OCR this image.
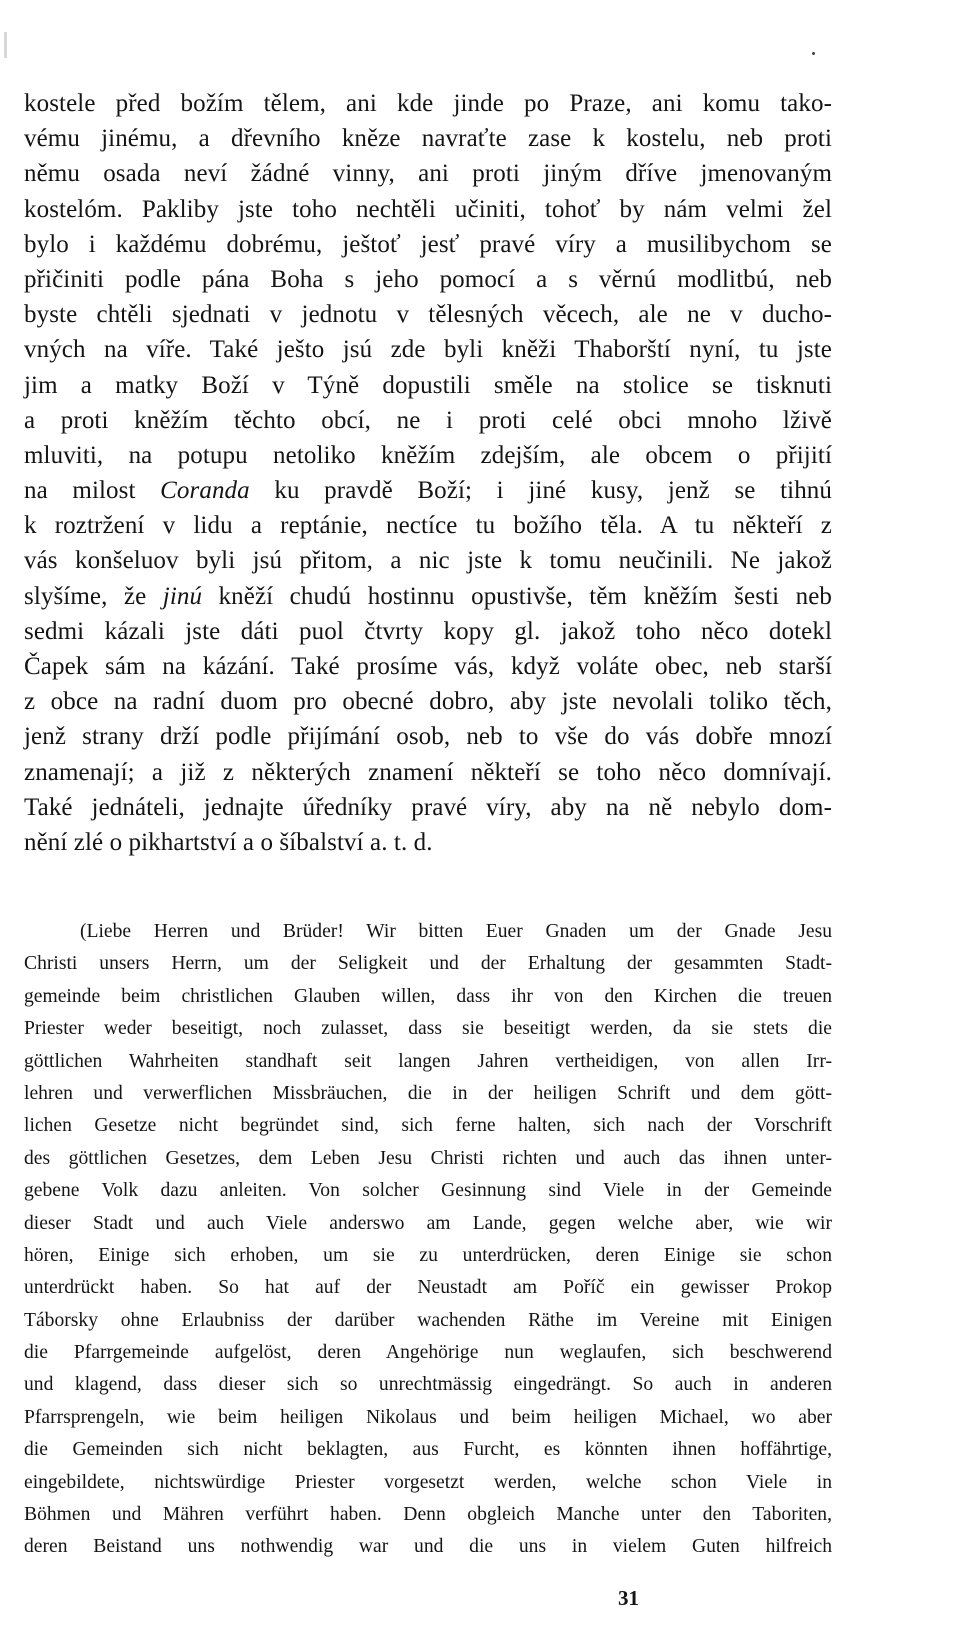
kostele před božím tělem, ani kde jinde po Praze, ani komu tako-
vému jinému, a dřevního kněze navraťte zase k kostelu, neb proti
němu osada neví žádné vinny, ani proti jiným dříve jmenovaným
kostelóm. Pakliby jste toho nechtěli učiniti, tohoť by nám velmi žel
bylo i každému dobrému, ještoť jesť pravé víry a musilibychom se
přičiniti podle pána Boha s jeho pomocí a s věrnú modlitbú, neb
byste chtěli sjednati v jednotu v tělesných věcech, ale ne v ducho-
vných na víře. Také ješto jsú zde byli kněži Thaborští nyní, tu jste
jim a matky Boží v Týně dopustili směle na stolice se tisknuti
a proti kněžím těchto obcí, ne i proti celé obci mnoho lživě
mluviti, na potupu netoliko kněžím zdejším, ale obcem o přijití
na milost Coranda ku pravdě Boží; i jiné kusy, jenž se tihnú
k roztržení v lidu a reptánie, nectíce tu božího těla. A tu někteří z
vás konšeluov byli jsú přitom, a nic jste k tomu neučinili. Ne jakož
slyšíme, že jinú kněží chudú hostinnu opustivše, těm kněžím šesti neb
sedmi kázali jste dáti puol čtvrty kopy gl. jakož toho něco dotekl
Čapek sám na kázání. Také prosíme vás, když voláte obec, neb starší
z obce na radní duom pro obecné dobro, aby jste nevolali toliko těch,
jenž strany drží podle přijímání osob, neb to vše do vás dobře mnozí
znamenají; a již z některých znamení někteří se toho něco domnívají.
Také jednáteli, jednajte úředníky pravé víry, aby na ně nebylo dom-
nění zlé o pikhartství a o šíbalství a. t. d.
(Liebe Herren und Brüder! Wir bitten Euer Gnaden um der Gnade Jesu
Christi unsers Herrn, um der Seligkeit und der Erhaltung der gesammten Stadt-
gemeinde beim christlichen Glauben willen, dass ihr von den Kirchen die treuen
Priester weder beseitigt, noch zulasset, dass sie beseitigt werden, da sie stets die
göttlichen Wahrheiten standhaft seit langen Jahren vertheidigen, von allen Irr-
lehren und verwerflichen Missbräuchen, die in der heiligen Schrift und dem gött-
lichen Gesetze nicht begründet sind, sich ferne halten, sich nach der Vorschrift
des göttlichen Gesetzes, dem Leben Jesu Christi richten und auch das ihnen unter-
gebene Volk dazu anleiten. Von solcher Gesinnung sind Viele in der Gemeinde
dieser Stadt und auch Viele anderswo am Lande, gegen welche aber, wie wir
hören, Einige sich erhoben, um sie zu unterdrücken, deren Einige sie schon
unterdrückt haben. So hat auf der Neustadt am Poříč ein gewisser Prokop
Táborsky ohne Erlaubniss der darüber wachenden Räthe im Vereine mit Einigen
die Pfarrgemeinde aufgelöst, deren Angehörige nun weglaufen, sich beschwerend
und klagend, dass dieser sich so unrechtmässig eingedrängt. So auch in anderen
Pfarrsprengeln, wie beim heiligen Nikolaus und beim heiligen Michael, wo aber
die Gemeinden sich nicht beklagten, aus Furcht, es könnten ihnen hoffährtige,
eingebildete, nichtswürdige Priester vorgesetzt werden, welche schon Viele in
Böhmen und Mähren verführt haben. Denn obgleich Manche unter den Taboriten,
deren Beistand uns nothwendig war und die uns in vielem Guten hilfreich
31
